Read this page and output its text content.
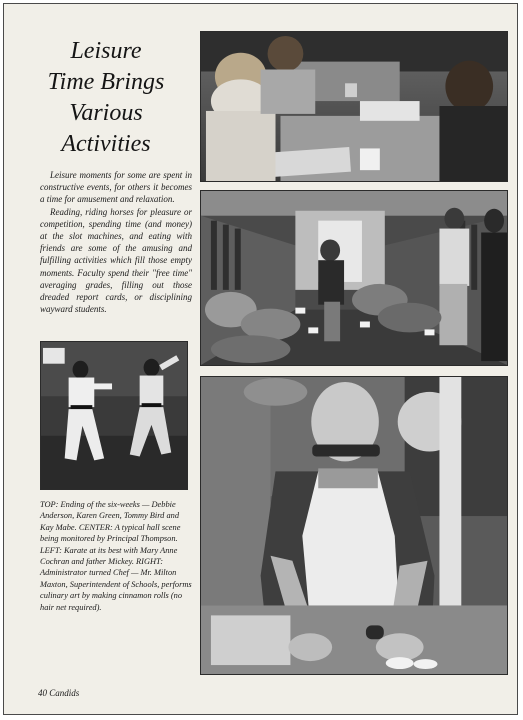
Leisure
Time Brings
Various
Activities

Leisure moments for some are spent in constructive events, for others it becomes a time for amusement and relaxation.

Reading, riding horses for pleasure or competition, spending time (and money) at the slot machines, and eating with friends are some of the amusing and fulfilling activities which fill those empty moments. Faculty spend their "free time" averaging grades, filling out those dreaded report cards, or disciplining wayward students.

TOP: Ending of the six-weeks — Debbie Anderson, Karen Green, Tommy Bird and Kay Mabe. CENTER: A typical hall scene being monitored by Principal Thompson. LEFT: Karate at its best with Mary Anne Cochran and father Mickey. RIGHT: Administrator turned Chef — Mr. Milton Maxton, Superintendent of Schools, performs culinary art by making cinnamon rolls (no hair net required).
40 Candids
